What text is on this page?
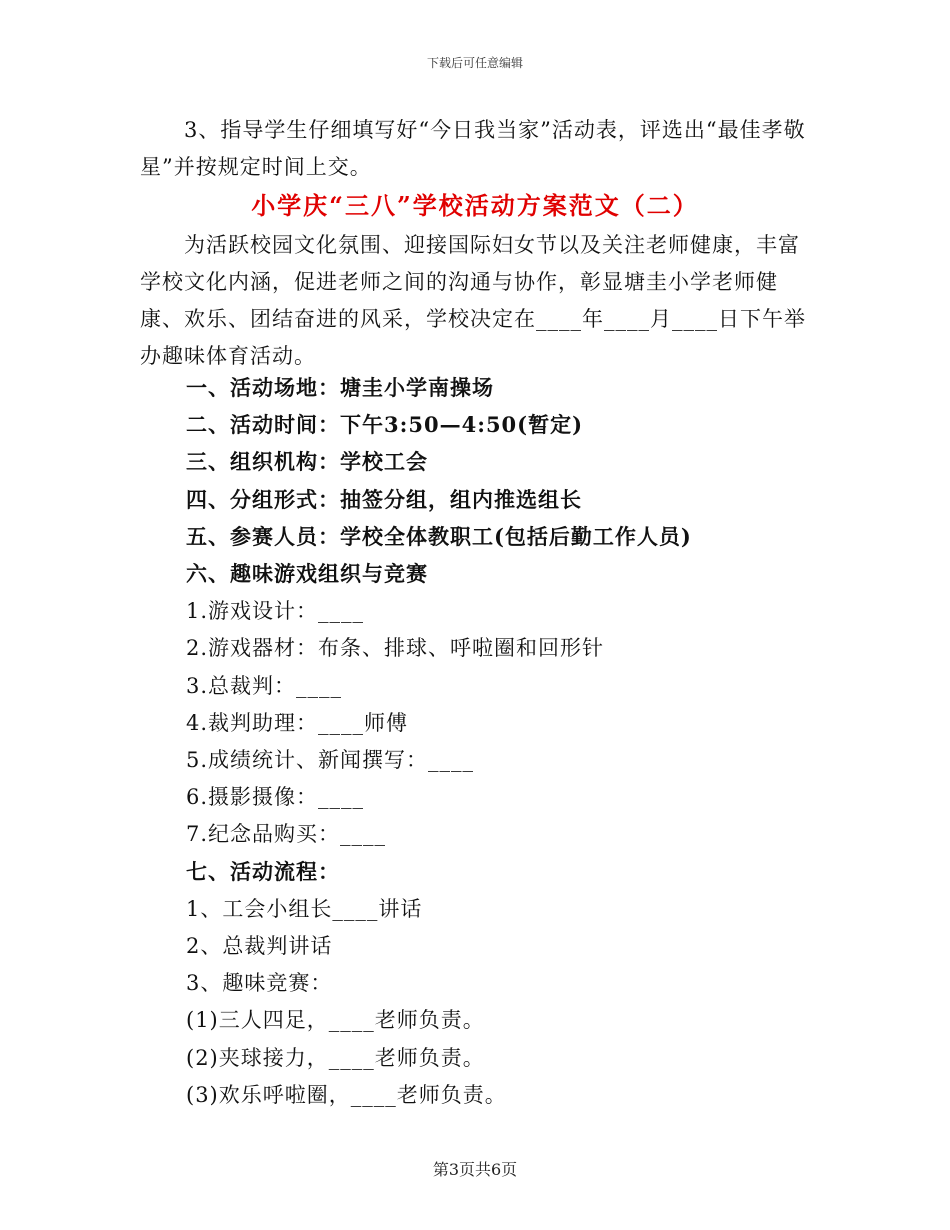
下载后可任意编辑

3、指导学生仔细填写好“今日我当家”活动表，评选出“最佳孝敬星”并按规定时间上交。

小学庆“三八”学校活动方案范文（二）

为活跃校园文化氛围、迎接国际妇女节以及关注老师健康，丰富学校文化内涵，促进老师之间的沟通与协作，彰显塘圭小学老师健康、欢乐、团结奋进的风采，学校决定在____年____月____日下午举办趣味体育活动。

一、活动场地：塘圭小学南操场
二、活动时间：下午3:50—4:50(暂定)
三、组织机构：学校工会
四、分组形式：抽签分组，组内推选组长
五、参赛人员：学校全体教职工(包括后勤工作人员)
六、趣味游戏组织与竞赛
1.游戏设计：____
2.游戏器材：布条、排球、呼啦圈和回形针
3.总裁判：____
4.裁判助理：____师傅
5.成绩统计、新闻撰写：____
6.摄影摄像：____
7.纪念品购买：____
七、活动流程：
1、工会小组长____讲话
2、总裁判讲话
3、趣味竞赛：
(1)三人四足，____老师负责。
(2)夹球接力，____老师负责。
(3)欢乐呼啦圈，____老师负责。
第3页共6页
